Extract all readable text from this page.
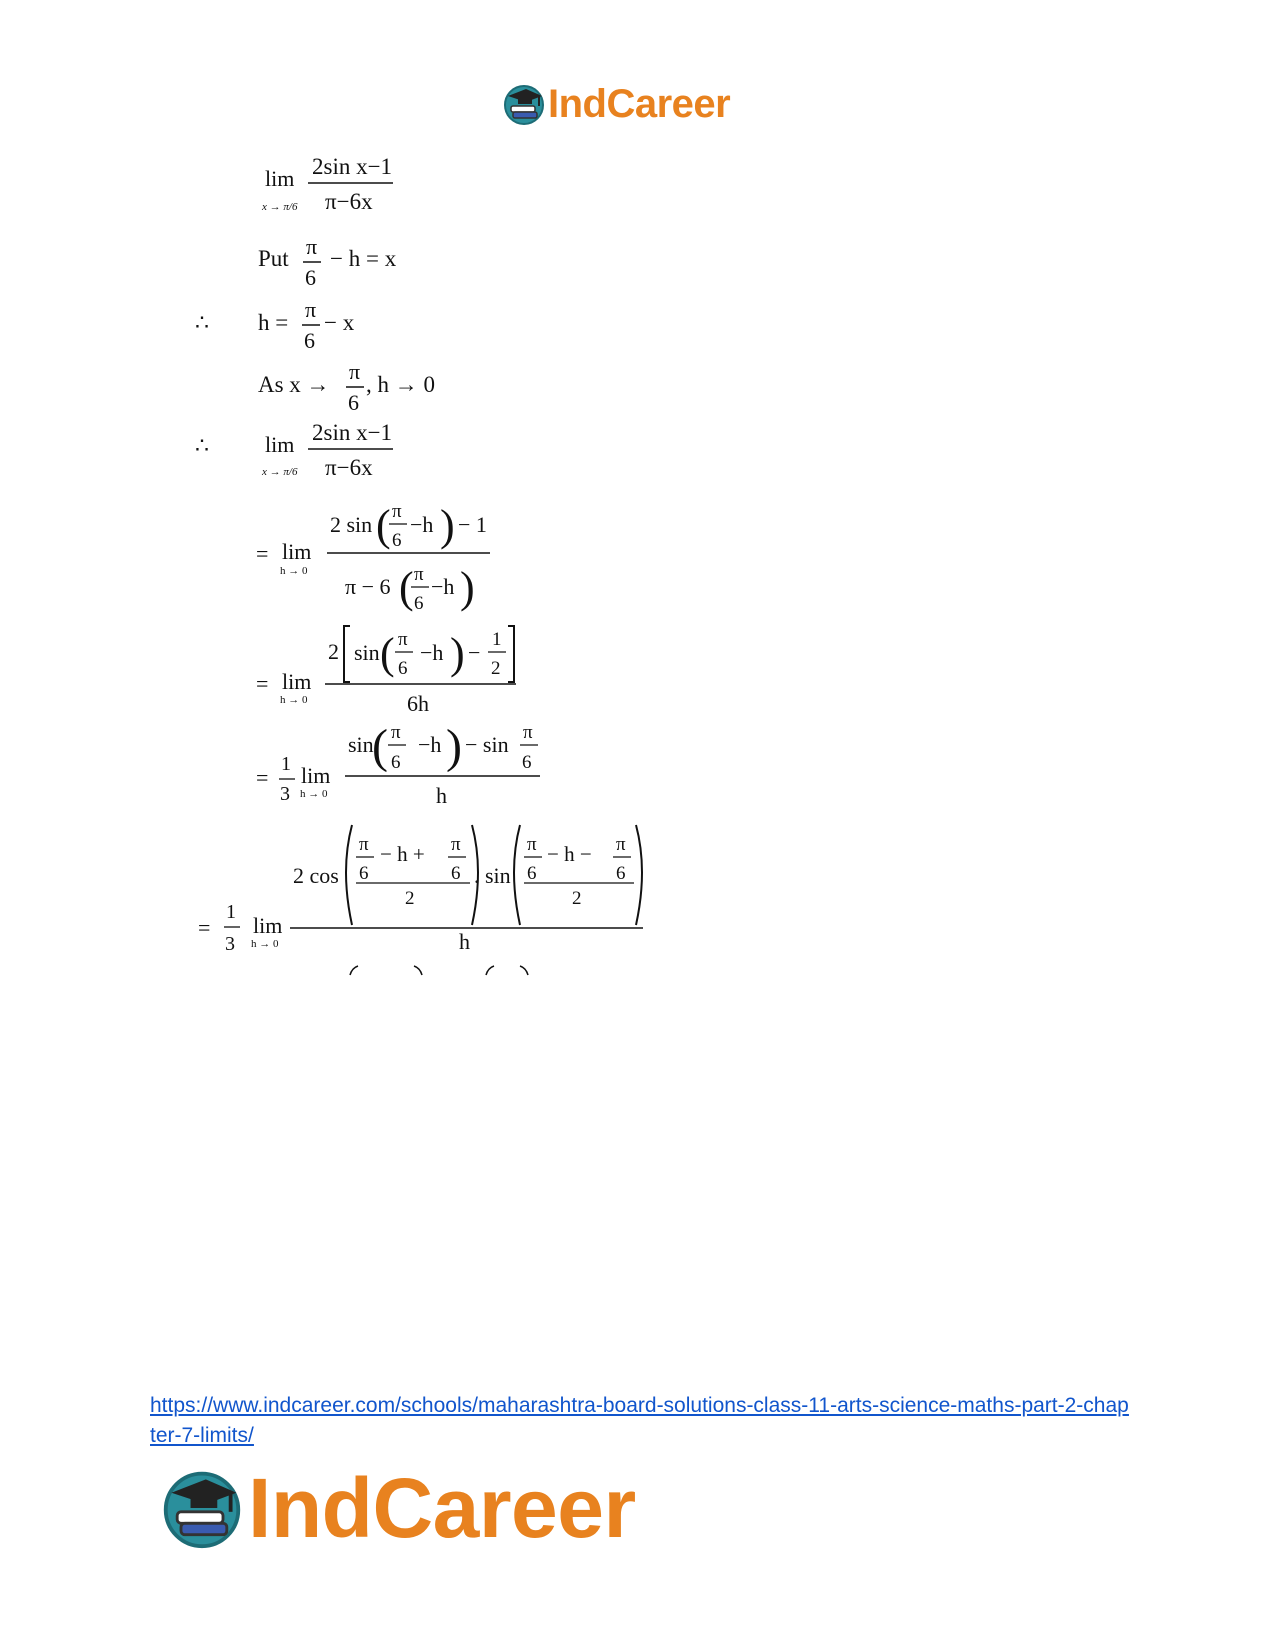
IndCareer
lim
x → π/6
2sin x−1
π−6x
Put π
6
− h = x
∴ h =
π
6
− x
As x →
π
6
, h → 0
∴	lim
x → π/6
2sin x−1
π−6x
= lim
h → 0
2 sin ( π
6
−h ) − 1
π − 6 ( π
6
−h )
= lim
h → 0
2 sin ( π
6
−h ) −
1
2
6h
=
1
3
lim
h → 0
sin
( π
6
−h ) − sin π
6
h
=
1
3
lim
h → 0
2 cos
π
6
− h + π
6
2
. sin
π
6
− h − π
6
2
h
https://www.indcareer.com/schools/maharashtra-board-solutions-class-11-arts-science-maths-part-2-chapter-7-limits/
IndCareer
